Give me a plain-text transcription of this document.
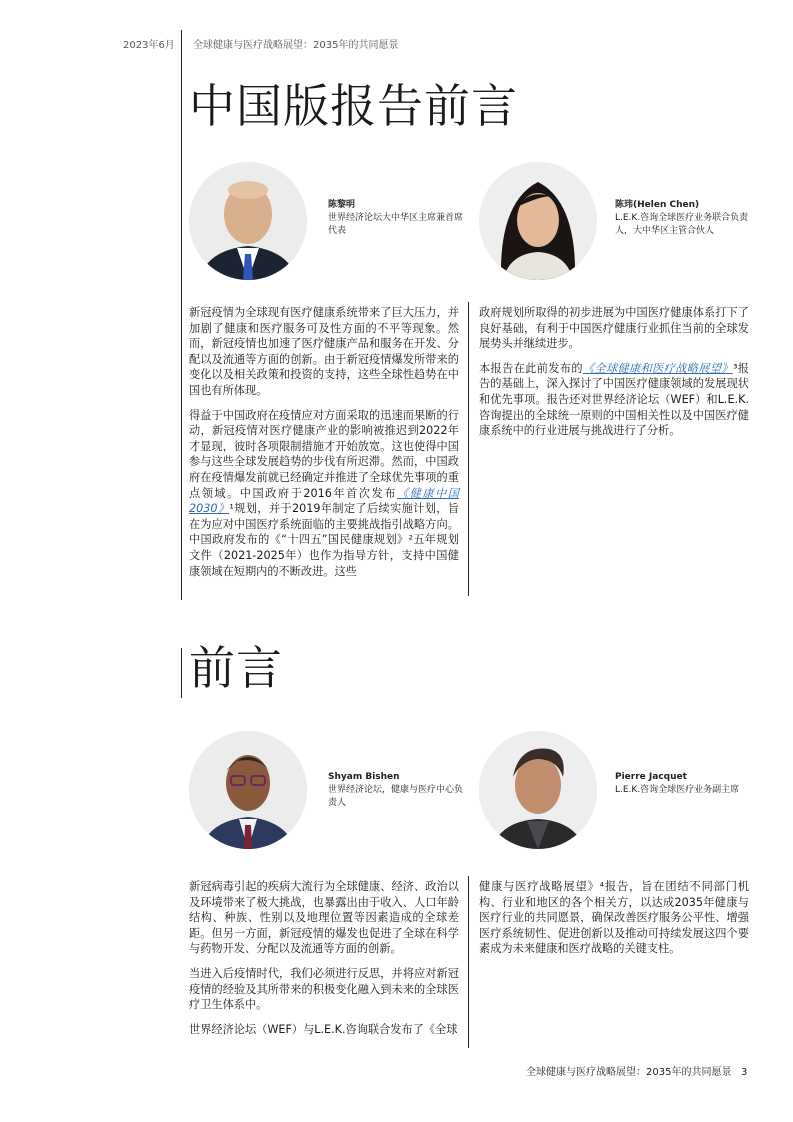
2023年6月 全球健康与医疗战略展望：2035年的共同愿景
中国版报告前言
陈黎明
世界经济论坛大中华区主席兼首席代表
陈玮(Helen Chen)
L.E.K.咨询全球医疗业务联合负责人，大中华区主管合伙人

新冠疫情为全球现有医疗健康系统带来了巨大压力，并加剧了健康和医疗服务可及性方面的不平等现象。然而，新冠疫情也加速了医疗健康产品和服务在开发、分配以及流通等方面的创新。由于新冠疫情爆发所带来的变化以及相关政策和投资的支持，这些全球性趋势在中国也有所体现。

得益于中国政府在疫情应对方面采取的迅速而果断的行动，新冠疫情对医疗健康产业的影响被推迟到2022年才显现，彼时各项限制措施才开始放宽。这也使得中国参与这些全球发展趋势的步伐有所迟滞。然而，中国政府在疫情爆发前就已经确定并推进了全球优先事项的重点领域。中国政府于2016年首次发布《健康中国2030》¹规划，并于2019年制定了后续实施计划，旨在为应对中国医疗系统面临的主要挑战指引战略方向。中国政府发布的《“十四五”国民健康规划》²五年规划文件（2021-2025年）也作为指导方针，支持中国健康领域在短期内的不断改进。这些

政府规划所取得的初步进展为中国医疗健康体系打下了良好基础，有利于中国医疗健康行业抓住当前的全球发展势头并继续进步。

本报告在此前发布的《全球健康和医疗战略展望》³报告的基础上，深入探讨了中国医疗健康领域的发展现状和优先事项。报告还对世界经济论坛（WEF）和L.E.K.咨询提出的全球统一原则的中国相关性以及中国医疗健康系统中的行业进展与挑战进行了分析。

前言
Shyam Bishen
世界经济论坛，健康与医疗中心负责人
Pierre Jacquet
L.E.K.咨询全球医疗业务副主席

新冠病毒引起的疾病大流行为全球健康、经济、政治以及环境带来了极大挑战，也暴露出由于收入、人口年龄结构、种族、性别以及地理位置等因素造成的全球差距。但另一方面，新冠疫情的爆发也促进了全球在科学与药物开发、分配以及流通等方面的创新。

当进入后疫情时代，我们必须进行反思，并将应对新冠疫情的经验及其所带来的积极变化融入到未来的全球医疗卫生体系中。

世界经济论坛（WEF）与L.E.K.咨询联合发布了《全球

健康与医疗战略展望》⁴报告，旨在团结不同部门机构、行业和地区的各个相关方，以达成2035年健康与医疗行业的共同愿景，确保改善医疗服务公平性、增强医疗系统韧性、促进创新以及推动可持续发展这四个要素成为未来健康和医疗战略的关键支柱。

全球健康与医疗战略展望：2035年的共同愿景 3
